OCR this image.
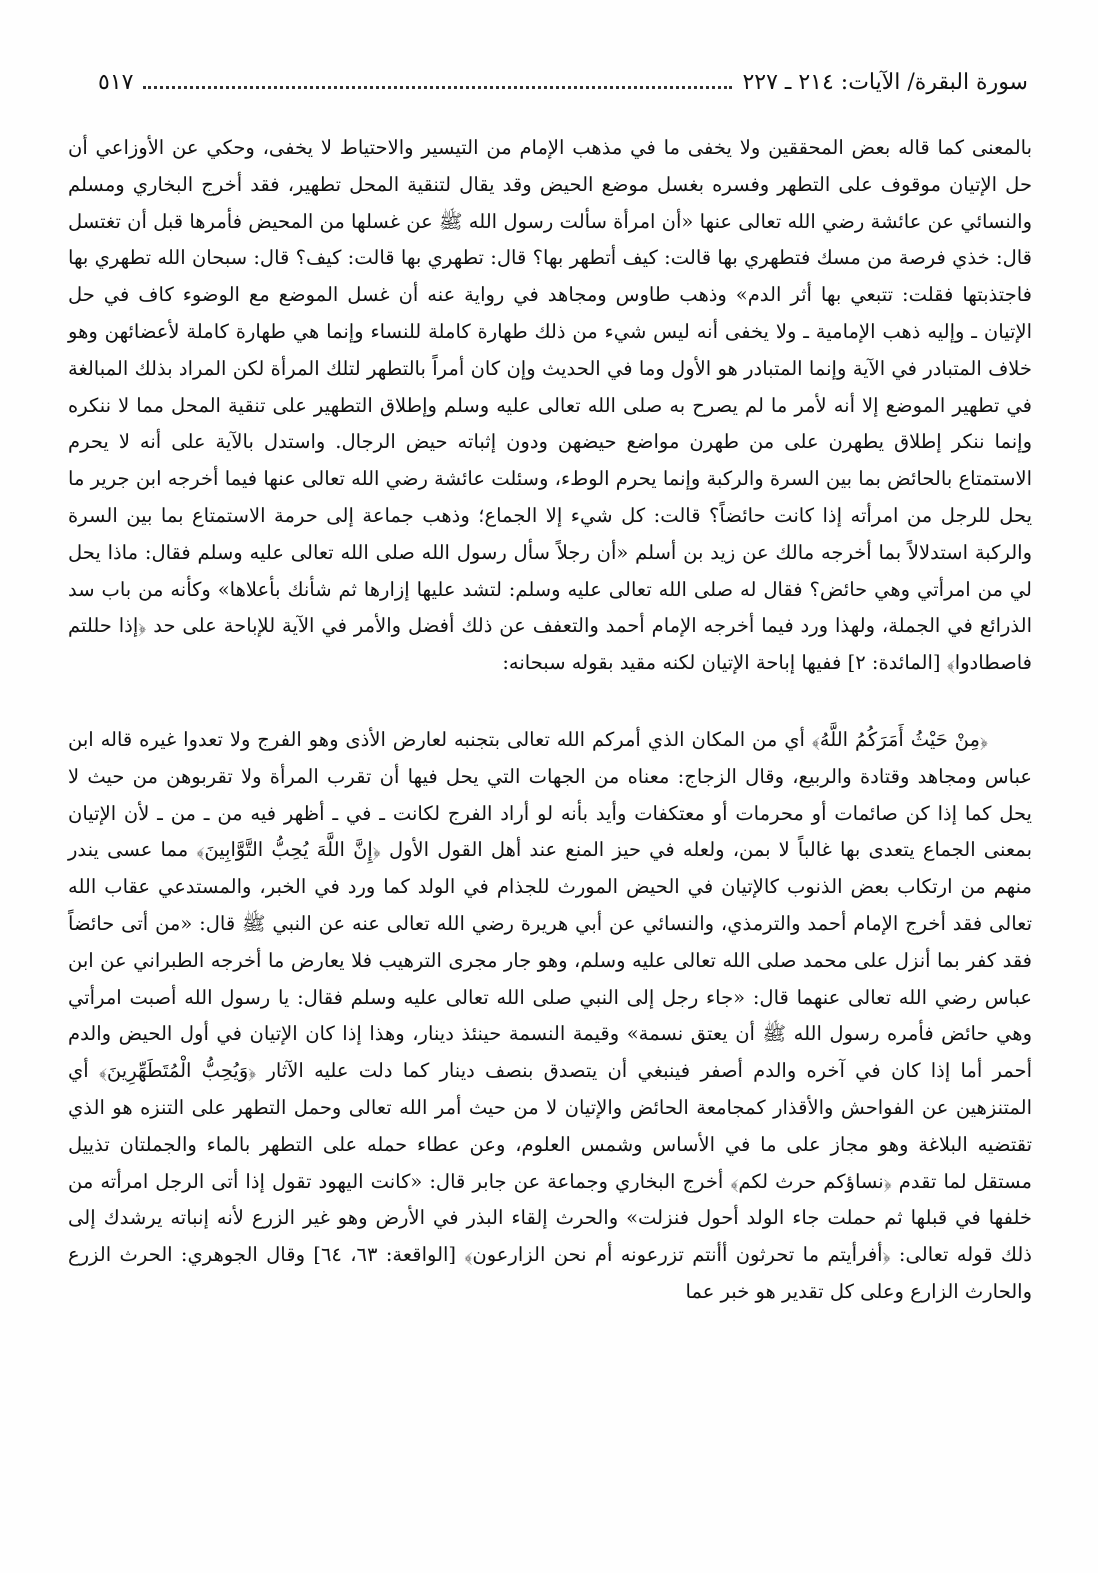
سورة البقرة/ الآيات: ٢١٤ ـ ٢٢٧
٥١٧

بالمعنى كما قاله بعض المحققين ولا يخفى ما في مذهب الإمام من التيسير والاحتياط لا يخفى، وحكي عن الأوزاعي أن حل الإتيان موقوف على التطهر وفسره بغسل موضع الحيض وقد يقال لتنقية المحل تطهير، فقد أخرج البخاري ومسلم والنسائي عن عائشة رضي الله تعالى عنها «أن امرأة سألت رسول الله ﷺ عن غسلها من المحيض فأمرها قبل أن تغتسل قال: خذي فرصة من مسك فتطهري بها قالت: كيف أتطهر بها؟ قال: تطهري بها قالت: كيف؟ قال: سبحان الله تطهري بها فاجتذبتها فقلت: تتبعي بها أثر الدم» وذهب طاوس ومجاهد في رواية عنه أن غسل الموضع مع الوضوء كاف في حل الإتيان ـ وإليه ذهب الإمامية ـ ولا يخفى أنه ليس شيء من ذلك طهارة كاملة للنساء وإنما هي طهارة كاملة لأعضائهن وهو خلاف المتبادر في الآية وإنما المتبادر هو الأول وما في الحديث وإن كان أمراً بالتطهر لتلك المرأة لكن المراد بذلك المبالغة في تطهير الموضع إلا أنه لأمر ما لم يصرح به صلى الله تعالى عليه وسلم وإطلاق التطهير على تنقية المحل مما لا ننكره وإنما ننكر إطلاق يطهرن على من طهرن مواضع حيضهن ودون إثباته حيض الرجال. واستدل بالآية على أنه لا يحرم الاستمتاع بالحائض بما بين السرة والركبة وإنما يحرم الوطء، وسئلت عائشة رضي الله تعالى عنها فيما أخرجه ابن جرير ما يحل للرجل من امرأته إذا كانت حائضاً؟ قالت: كل شيء إلا الجماع؛ وذهب جماعة إلى حرمة الاستمتاع بما بين السرة والركبة استدلالاً بما أخرجه مالك عن زيد بن أسلم «أن رجلاً سأل رسول الله صلى الله تعالى عليه وسلم فقال: ماذا يحل لي من امرأتي وهي حائض؟ فقال له صلى الله تعالى عليه وسلم: لتشد عليها إزارها ثم شأنك بأعلاها» وكأنه من باب سد الذرائع في الجملة، ولهذا ورد فيما أخرجه الإمام أحمد والتعفف عن ذلك أفضل والأمر في الآية للإباحة على حد ﴿إذا حللتم فاصطادوا﴾ [المائدة: ٢] ففيها إباحة الإتيان لكنه مقيد بقوله سبحانه:

﴿مِنْ حَيْثُ أَمَرَكُمُ اللَّهُ﴾ أي من المكان الذي أمركم الله تعالى بتجنبه لعارض الأذى وهو الفرج ولا تعدوا غيره قاله ابن عباس ومجاهد وقتادة والربيع، وقال الزجاج: معناه من الجهات التي يحل فيها أن تقرب المرأة ولا تقربوهن من حيث لا يحل كما إذا كن صائمات أو محرمات أو معتكفات وأيد بأنه لو أراد الفرج لكانت ـ في ـ أظهر فيه من ـ من ـ لأن الإتيان بمعنى الجماع يتعدى بها غالباً لا بمن، ولعله في حيز المنع عند أهل القول الأول ﴿إِنَّ اللَّهَ يُحِبُّ التَّوَّابِينَ﴾ مما عسى يندر منهم من ارتكاب بعض الذنوب كالإتيان في الحيض المورث للجذام في الولد كما ورد في الخبر، والمستدعي عقاب الله تعالى فقد أخرج الإمام أحمد والترمذي، والنسائي عن أبي هريرة رضي الله تعالى عنه عن النبي ﷺ قال: «من أتى حائضاً فقد كفر بما أنزل على محمد صلى الله تعالى عليه وسلم، وهو جار مجرى الترهيب فلا يعارض ما أخرجه الطبراني عن ابن عباس رضي الله تعالى عنهما قال: «جاء رجل إلى النبي صلى الله تعالى عليه وسلم فقال: يا رسول الله أصبت امرأتي وهي حائض فأمره رسول الله ﷺ أن يعتق نسمة» وقيمة النسمة حينئذ دينار، وهذا إذا كان الإتيان في أول الحيض والدم أحمر أما إذا كان في آخره والدم أصفر فينبغي أن يتصدق بنصف دينار كما دلت عليه الآثار ﴿وَيُحِبُّ الْمُتَطَهِّرِينَ﴾ أي المتنزهين عن الفواحش والأقذار كمجامعة الحائض والإتيان لا من حيث أمر الله تعالى وحمل التطهر على التنزه هو الذي تقتضيه البلاغة وهو مجاز على ما في الأساس وشمس العلوم، وعن عطاء حمله على التطهر بالماء والجملتان تذييل مستقل لما تقدم ﴿نساؤكم حرث لكم﴾ أخرج البخاري وجماعة عن جابر قال: «كانت اليهود تقول إذا أتى الرجل امرأته من خلفها في قبلها ثم حملت جاء الولد أحول فنزلت» والحرث إلقاء البذر في الأرض وهو غير الزرع لأنه إنباته يرشدك إلى ذلك قوله تعالى: ﴿أفرأيتم ما تحرثون أأنتم تزرعونه أم نحن الزارعون﴾ [الواقعة: ٦٣، ٦٤] وقال الجوهري: الحرث الزرع والحارث الزارع وعلى كل تقدير هو خبر عما
